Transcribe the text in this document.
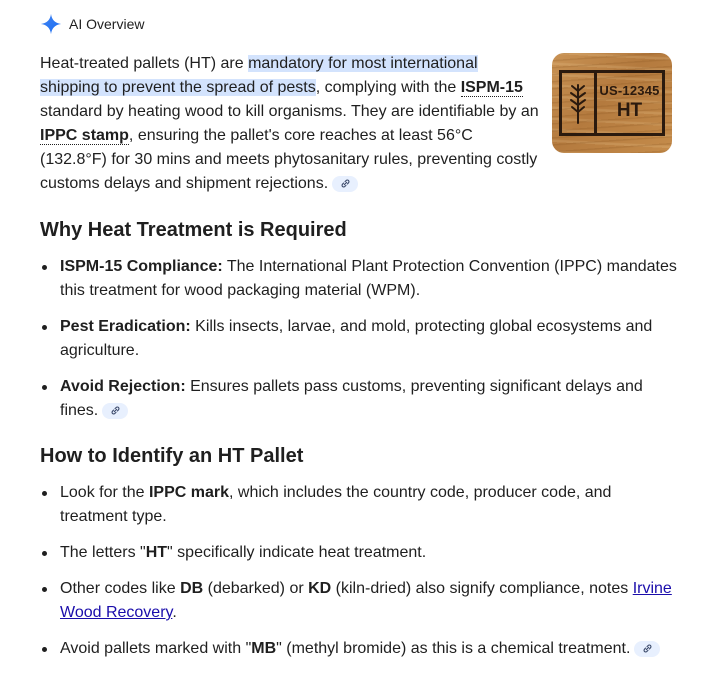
AI Overview
Heat-treated pallets (HT) are mandatory for most international shipping to prevent the spread of pests, complying with the ISPM-15 standard by heating wood to kill organisms. They are identifiable by an IPPC stamp, ensuring the pallet's core reaches at least 56°C (132.8°F) for 30 mins and meets phytosanitary rules, preventing costly customs delays and shipment rejections.
US-12345
HT
Why Heat Treatment is Required
ISPM-15 Compliance: The International Plant Protection Convention (IPPC) mandates this treatment for wood packaging material (WPM).
Pest Eradication: Kills insects, larvae, and mold, protecting global ecosystems and agriculture.
Avoid Rejection: Ensures pallets pass customs, preventing significant delays and fines.
How to Identify an HT Pallet
Look for the IPPC mark, which includes the country code, producer code, and treatment type.
The letters "HT" specifically indicate heat treatment.
Other codes like DB (debarked) or KD (kiln-dried) also signify compliance, notes Irvine Wood Recovery.
Avoid pallets marked with "MB" (methyl bromide) as this is a chemical treatment.
